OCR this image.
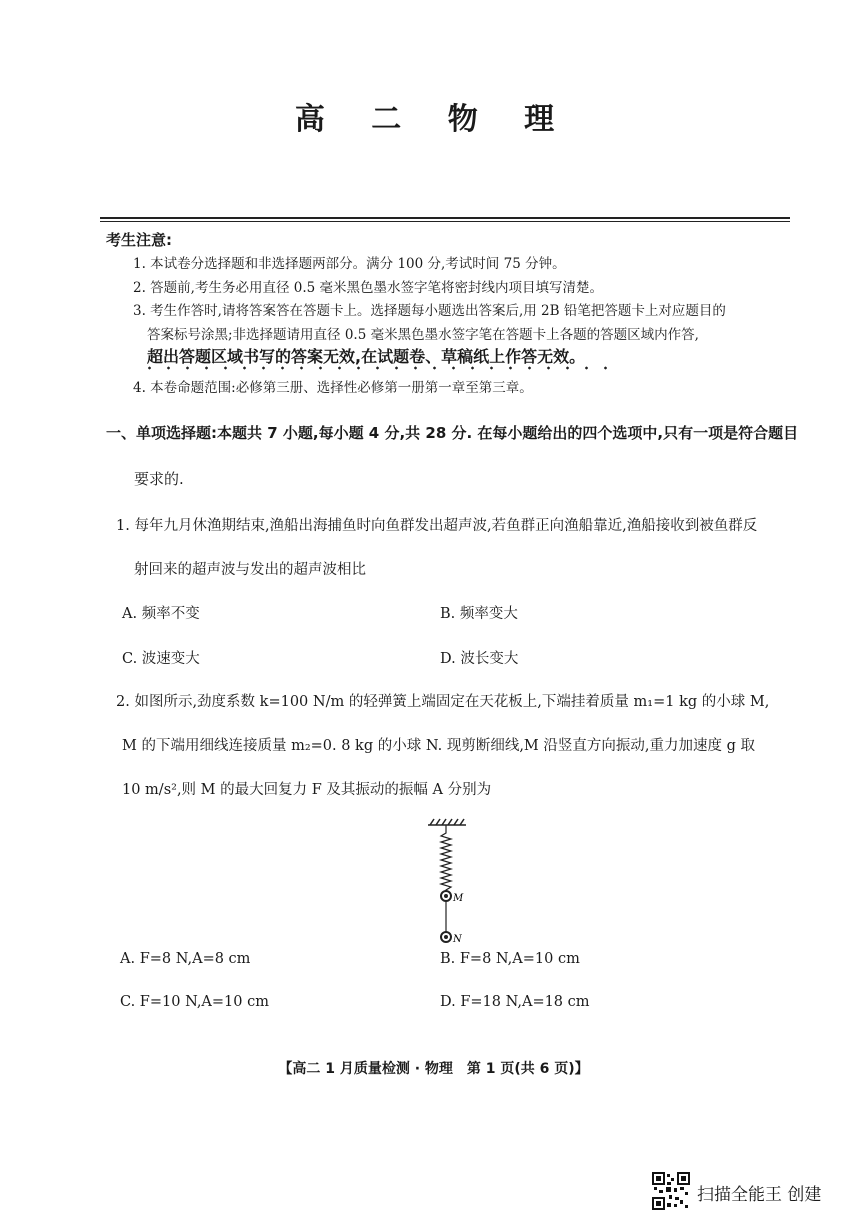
高 二 物 理
考生注意:
1. 本试卷分选择题和非选择题两部分。满分 100 分,考试时间 75 分钟。
2. 答题前,考生务必用直径 0.5 毫米黑色墨水签字笔将密封线内项目填写清楚。
3. 考生作答时,请将答案答在答题卡上。选择题每小题选出答案后,用 2B 铅笔把答题卡上对应题目的
答案标号涂黑;非选择题请用直径 0.5 毫米黑色墨水签字笔在答题卡上各题的答题区域内作答,
超出答题区域书写的答案无效,在试题卷、草稿纸上作答无效。
4. 本卷命题范围:必修第三册、选择性必修第一册第一章至第三章。
一、单项选择题:本题共 7 小题,每小题 4 分,共 28 分. 在每小题给出的四个选项中,只有一项是符合题目
要求的.
1. 每年九月休渔期结束,渔船出海捕鱼时向鱼群发出超声波,若鱼群正向渔船靠近,渔船接收到被鱼群反
射回来的超声波与发出的超声波相比
A. 频率不变	B. 频率变大
C. 波速变大	D. 波长变大
2. 如图所示,劲度系数 k=100 N/m 的轻弹簧上端固定在天花板上,下端挂着质量 m₁=1 kg 的小球 M,
M 的下端用细线连接质量 m₂=0. 8 kg 的小球 N. 现剪断细线,M 沿竖直方向振动,重力加速度 g 取
10 m/s²,则 M 的最大回复力 F 及其振动的振幅 A 分别为
M
N
A. F=8 N,A=8 cm	B. F=8 N,A=10 cm
C. F=10 N,A=10 cm	D. F=18 N,A=18 cm
【高二 1 月质量检测 · 物理　第 1 页(共 6 页)】
扫描全能王 创建
